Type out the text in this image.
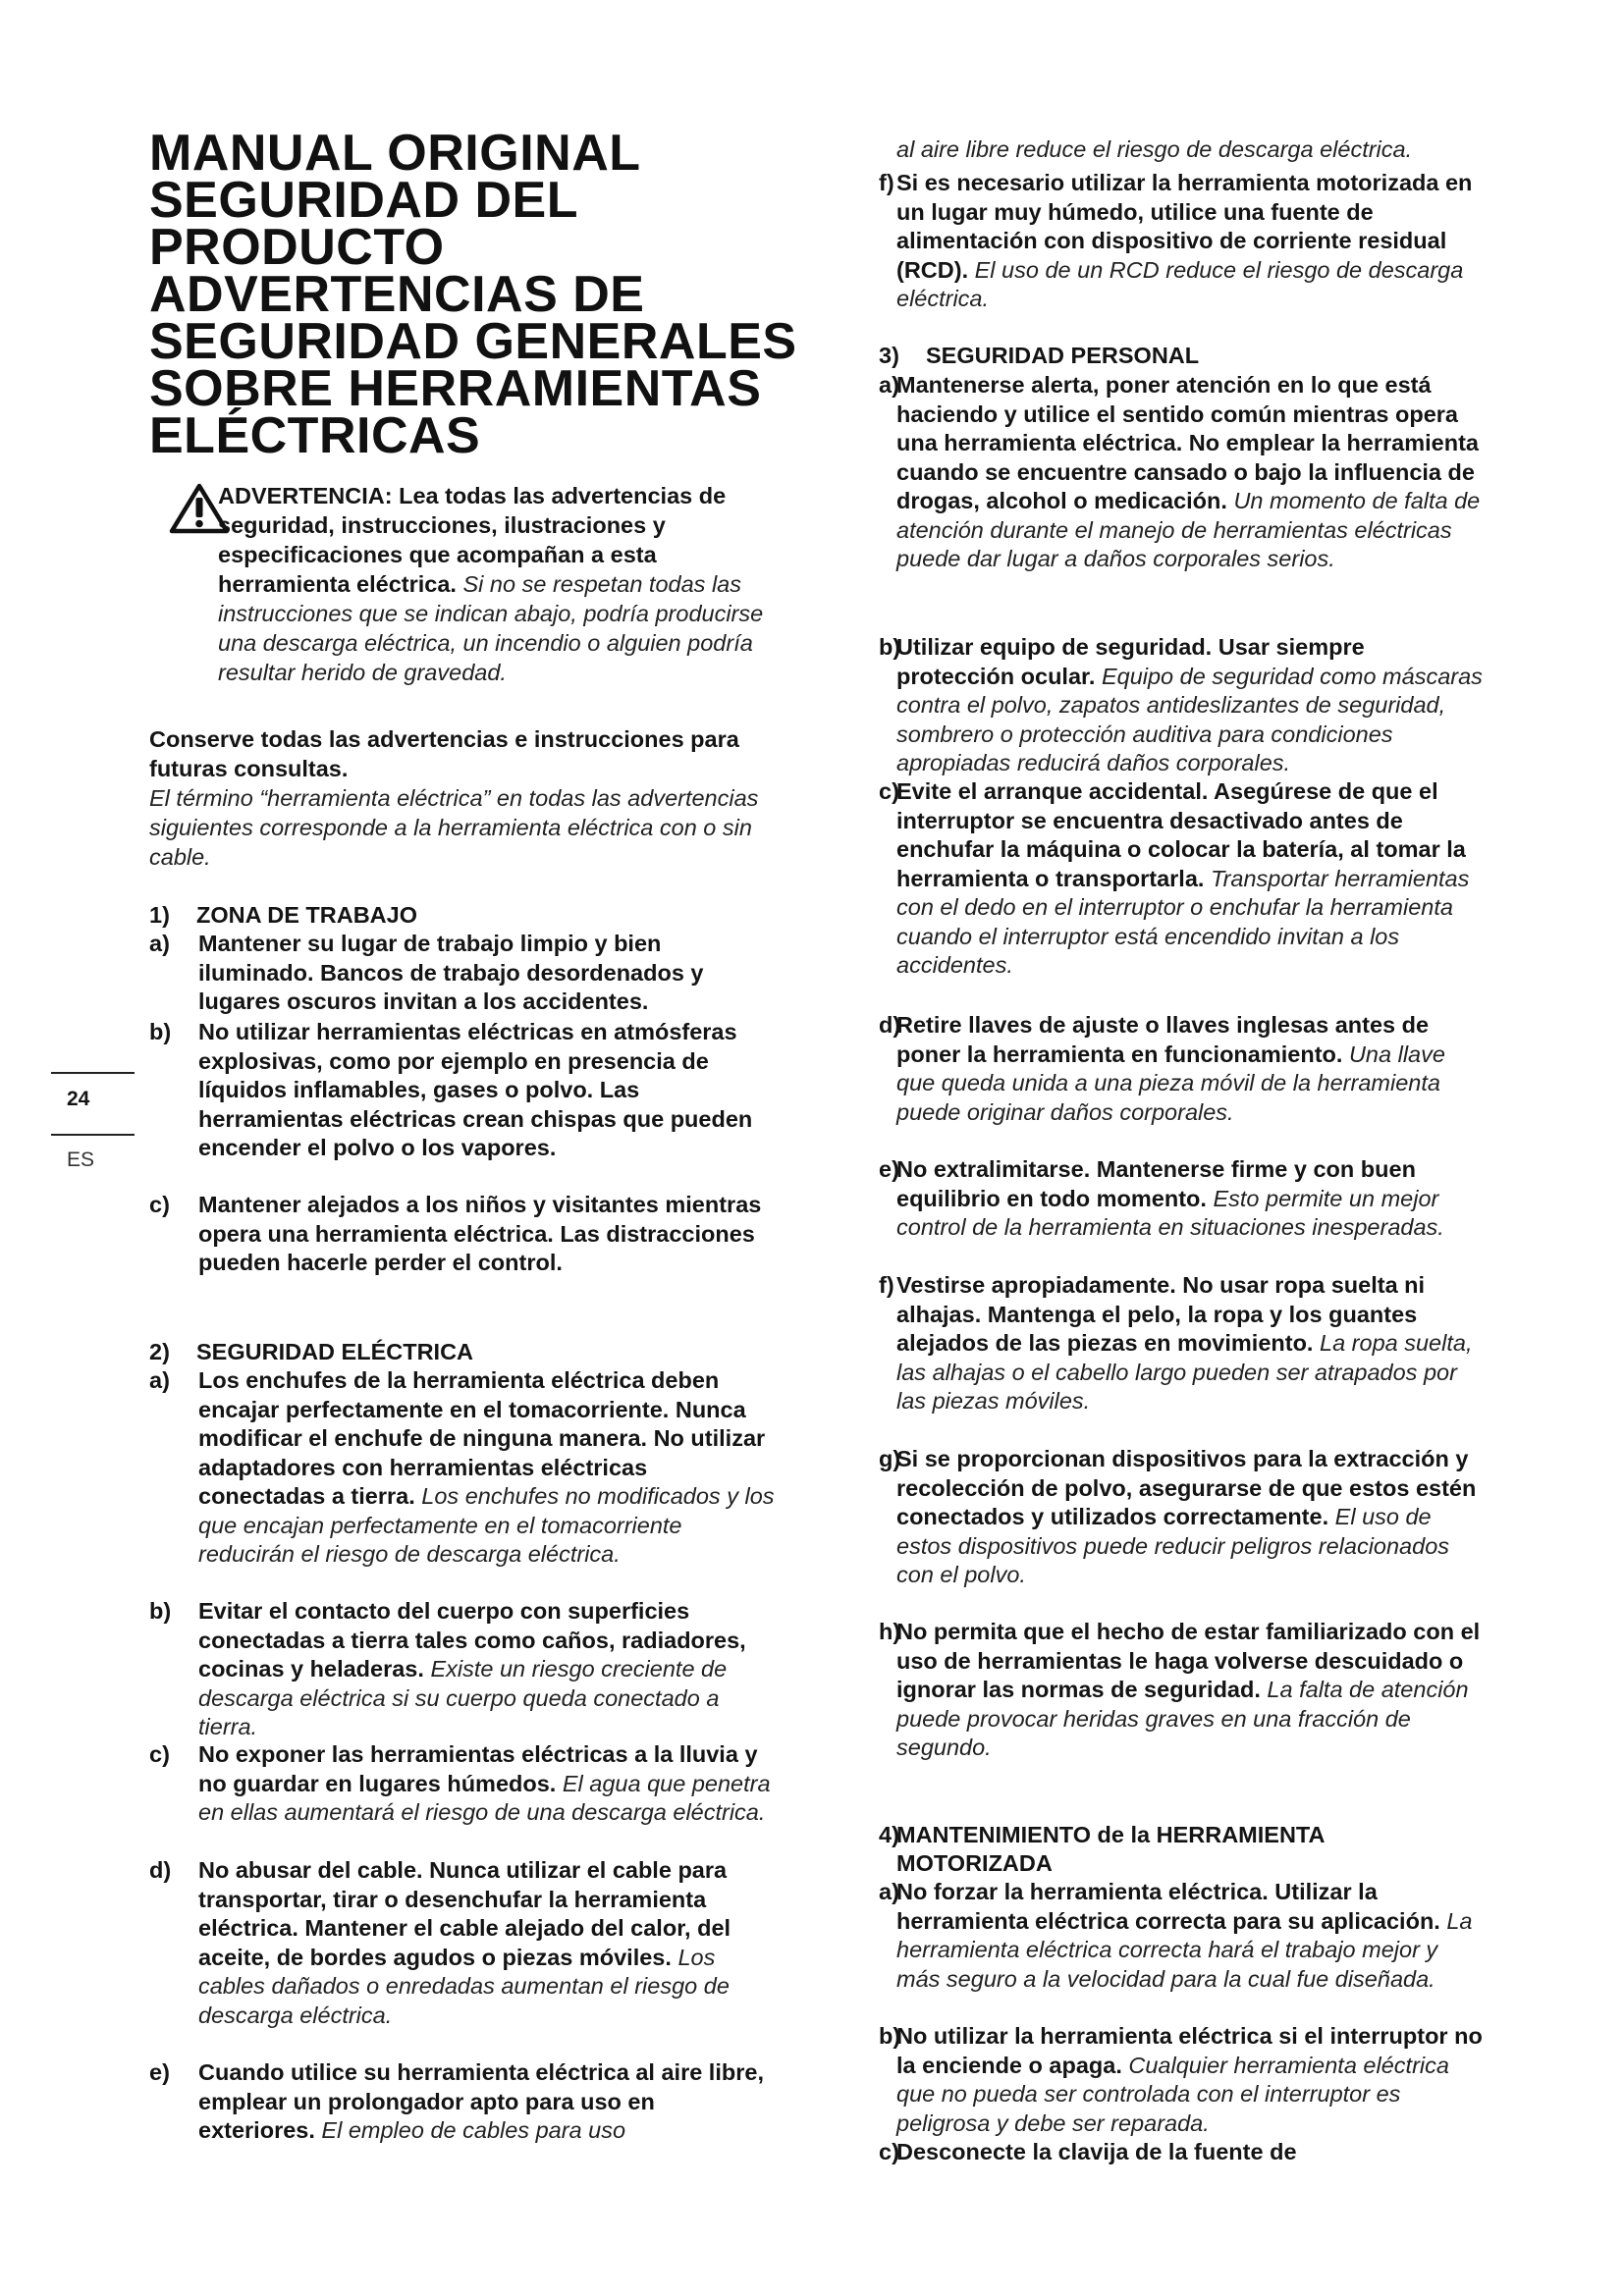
24
ES
MANUAL ORIGINAL
SEGURIDAD DEL
PRODUCTO
ADVERTENCIAS DE
SEGURIDAD GENERALES
SOBRE HERRAMIENTAS
ELÉCTRICAS
ADVERTENCIA: Lea todas las advertencias de seguridad, instrucciones, ilustraciones y especificaciones que acompañan a esta herramienta eléctrica. Si no se respetan todas las instrucciones que se indican abajo, podría producirse una descarga eléctrica, un incendio o alguien podría resultar herido de gravedad.
Conserve todas las advertencias e instrucciones para futuras consultas.
El término “herramienta eléctrica” en todas las advertencias siguientes corresponde a la herramienta eléctrica con o sin cable.
1) ZONA DE TRABAJO
a)	Mantener su lugar de trabajo limpio y bien iluminado. Bancos de trabajo desordenados y lugares oscuros invitan a los accidentes.
b)	No utilizar herramientas eléctricas en atmósferas explosivas, como por ejemplo en presencia de líquidos inflamables, gases o polvo. Las herramientas eléctricas crean chispas que pueden encender el polvo o los vapores.
c)	Mantener alejados a los niños y visitantes mientras opera una herramienta eléctrica. Las distracciones pueden hacerle perder el control.
2) SEGURIDAD ELÉCTRICA
a)	Los enchufes de la herramienta eléctrica deben encajar perfectamente en el tomacorriente. Nunca modificar el enchufe de ninguna manera. No utilizar adaptadores con herramientas eléctricas conectadas a tierra. Los enchufes no modificados y los que encajan perfectamente en el tomacorriente reducirán el riesgo de descarga eléctrica.
b)	Evitar el contacto del cuerpo con superficies conectadas a tierra tales como caños, radiadores, cocinas y heladeras. Existe un riesgo creciente de descarga eléctrica si su cuerpo queda conectado a tierra.
c)	No exponer las herramientas eléctricas a la lluvia y no guardar en lugares húmedos. El agua que penetra en ellas aumentará el riesgo de una descarga eléctrica.
d)	No abusar del cable. Nunca utilizar el cable para transportar, tirar o desenchufar la herramienta eléctrica. Mantener el cable alejado del calor, del aceite, de bordes agudos o piezas móviles. Los cables dañados o enredadas aumentan el riesgo de descarga eléctrica.
e)	Cuando utilice su herramienta eléctrica al aire libre, emplear un prolongador apto para uso en exteriores. El empleo de cables para uso
al aire libre reduce el riesgo de descarga eléctrica.
f) Si es necesario utilizar la herramienta motorizada en un lugar muy húmedo, utilice una fuente de alimentación con dispositivo de corriente residual (RCD). El uso de un RCD reduce el riesgo de descarga eléctrica.
3) SEGURIDAD PERSONAL
a)
Mantenerse alerta, poner atención en lo que está haciendo y utilice el sentido común mientras opera una herramienta eléctrica. No emplear la herramienta cuando se encuentre cansado o bajo la influencia de drogas, alcohol o medicación. Un momento de falta de atención durante el manejo de herramientas eléctricas puede dar lugar a daños corporales serios.
b)
Utilizar equipo de seguridad. Usar siempre protección ocular. Equipo de seguridad como máscaras contra el polvo, zapatos antideslizantes de seguridad, sombrero o protección auditiva para condiciones apropiadas reducirá daños corporales.
c)
Evite el arranque accidental. Asegúrese de que el interruptor se encuentra desactivado antes de enchufar la máquina o colocar la batería, al tomar la herramienta o transportarla. Transportar herramientas con el dedo en el interruptor o enchufar la herramienta cuando el interruptor está encendido invitan a los accidentes.
d)
Retire llaves de ajuste o llaves inglesas antes de poner la herramienta en funcionamiento. Una llave que queda unida a una pieza móvil de la herramienta puede originar daños corporales.
e)
No extralimitarse. Mantenerse firme y con buen equilibrio en todo momento. Esto permite un mejor control de la herramienta en situaciones inesperadas.
f) Vestirse apropiadamente. No usar ropa suelta ni alhajas. Mantenga el pelo, la ropa y los guantes alejados de las piezas en movimiento. La ropa suelta, las alhajas o el cabello largo pueden ser atrapados por las piezas móviles.
g)
Si se proporcionan dispositivos para la extracción y recolección de polvo, asegurarse de que estos estén conectados y utilizados correctamente. El uso de estos dispositivos puede reducir peligros relacionados con el polvo.
h)
No permita que el hecho de estar familiarizado con el uso de herramientas le haga volverse descuidado o ignorar las normas de seguridad. La falta de atención puede provocar heridas graves en una fracción de segundo.
4)
MANTENIMIENTO de la HERRAMIENTA MOTORIZADA
a)
No forzar la herramienta eléctrica. Utilizar la herramienta eléctrica correcta para su aplicación. La herramienta eléctrica correcta hará el trabajo mejor y más seguro a la velocidad para la cual fue diseñada.
b)
No utilizar la herramienta eléctrica si el interruptor no la enciende o apaga. Cualquier herramienta eléctrica que no pueda ser controlada con el interruptor es peligrosa y debe ser reparada.
c)
Desconecte la clavija de la fuente de
